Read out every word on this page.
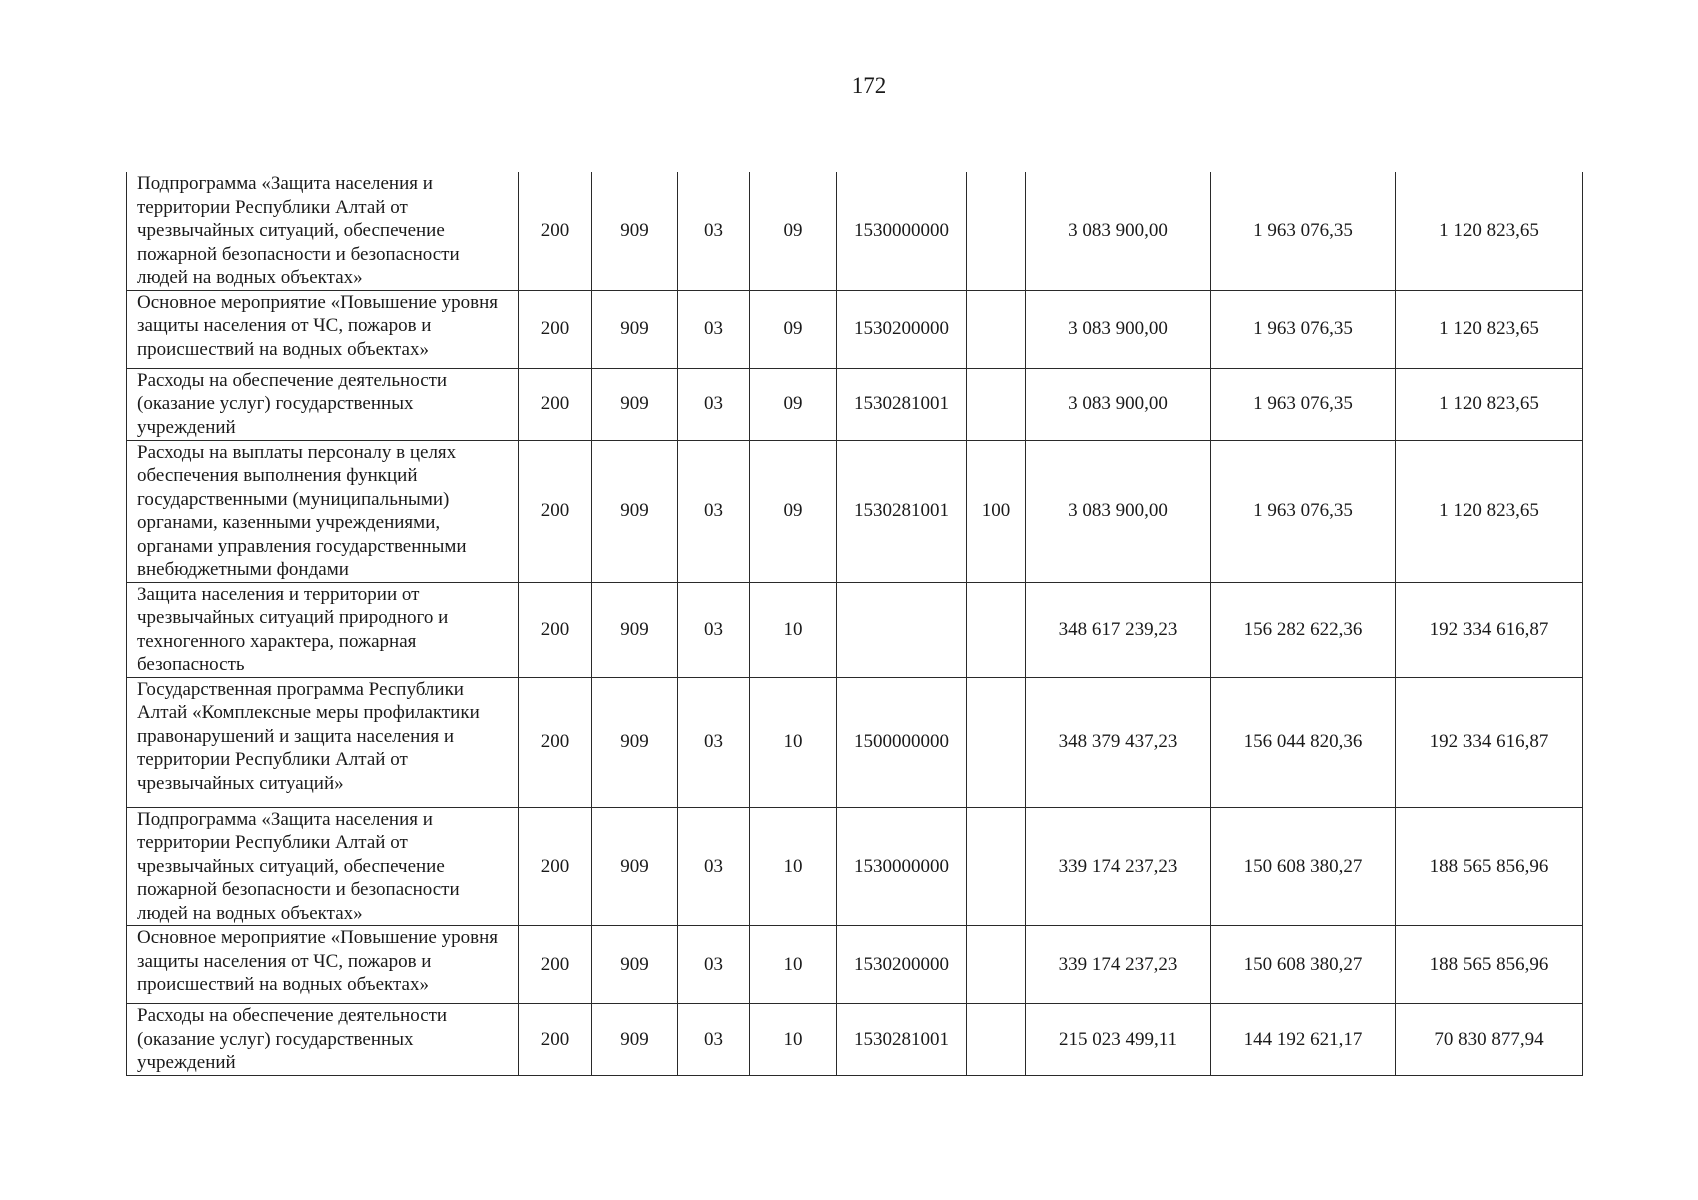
172
Подпрограмма «Защита населения и территории Республики Алтай от чрезвычайных ситуаций, обеспечение пожарной безопасности и безопасности людей на водных объектах»	200	909	03	09	1530000000		3 083 900,00	1 963 076,35	1 120 823,65
Основное мероприятие «Повышение уровня защиты населения от ЧС, пожаров и происшествий на водных объектах»	200	909	03	09	1530200000		3 083 900,00	1 963 076,35	1 120 823,65
Расходы на обеспечение деятельности (оказание услуг) государственных учреждений	200	909	03	09	1530281001		3 083 900,00	1 963 076,35	1 120 823,65
Расходы на выплаты персоналу в целях обеспечения выполнения функций государственными (муниципальными) органами, казенными учреждениями, органами управления государственными внебюджетными фондами	200	909	03	09	1530281001	100	3 083 900,00	1 963 076,35	1 120 823,65
Защита населения и территории от чрезвычайных ситуаций природного и техногенного характера, пожарная безопасность	200	909	03	10			348 617 239,23	156 282 622,36	192 334 616,87
Государственная программа Республики Алтай «Комплексные меры профилактики правонарушений и защита населения и территории Республики Алтай от чрезвычайных ситуаций»	200	909	03	10	1500000000		348 379 437,23	156 044 820,36	192 334 616,87
Подпрограмма «Защита населения и территории Республики Алтай от чрезвычайных ситуаций, обеспечение пожарной безопасности и безопасности людей на водных объектах»	200	909	03	10	1530000000		339 174 237,23	150 608 380,27	188 565 856,96
Основное мероприятие «Повышение уровня защиты населения от ЧС, пожаров и происшествий на водных объектах»	200	909	03	10	1530200000		339 174 237,23	150 608 380,27	188 565 856,96
Расходы на обеспечение деятельности (оказание услуг) государственных учреждений	200	909	03	10	1530281001		215 023 499,11	144 192 621,17	70 830 877,94
